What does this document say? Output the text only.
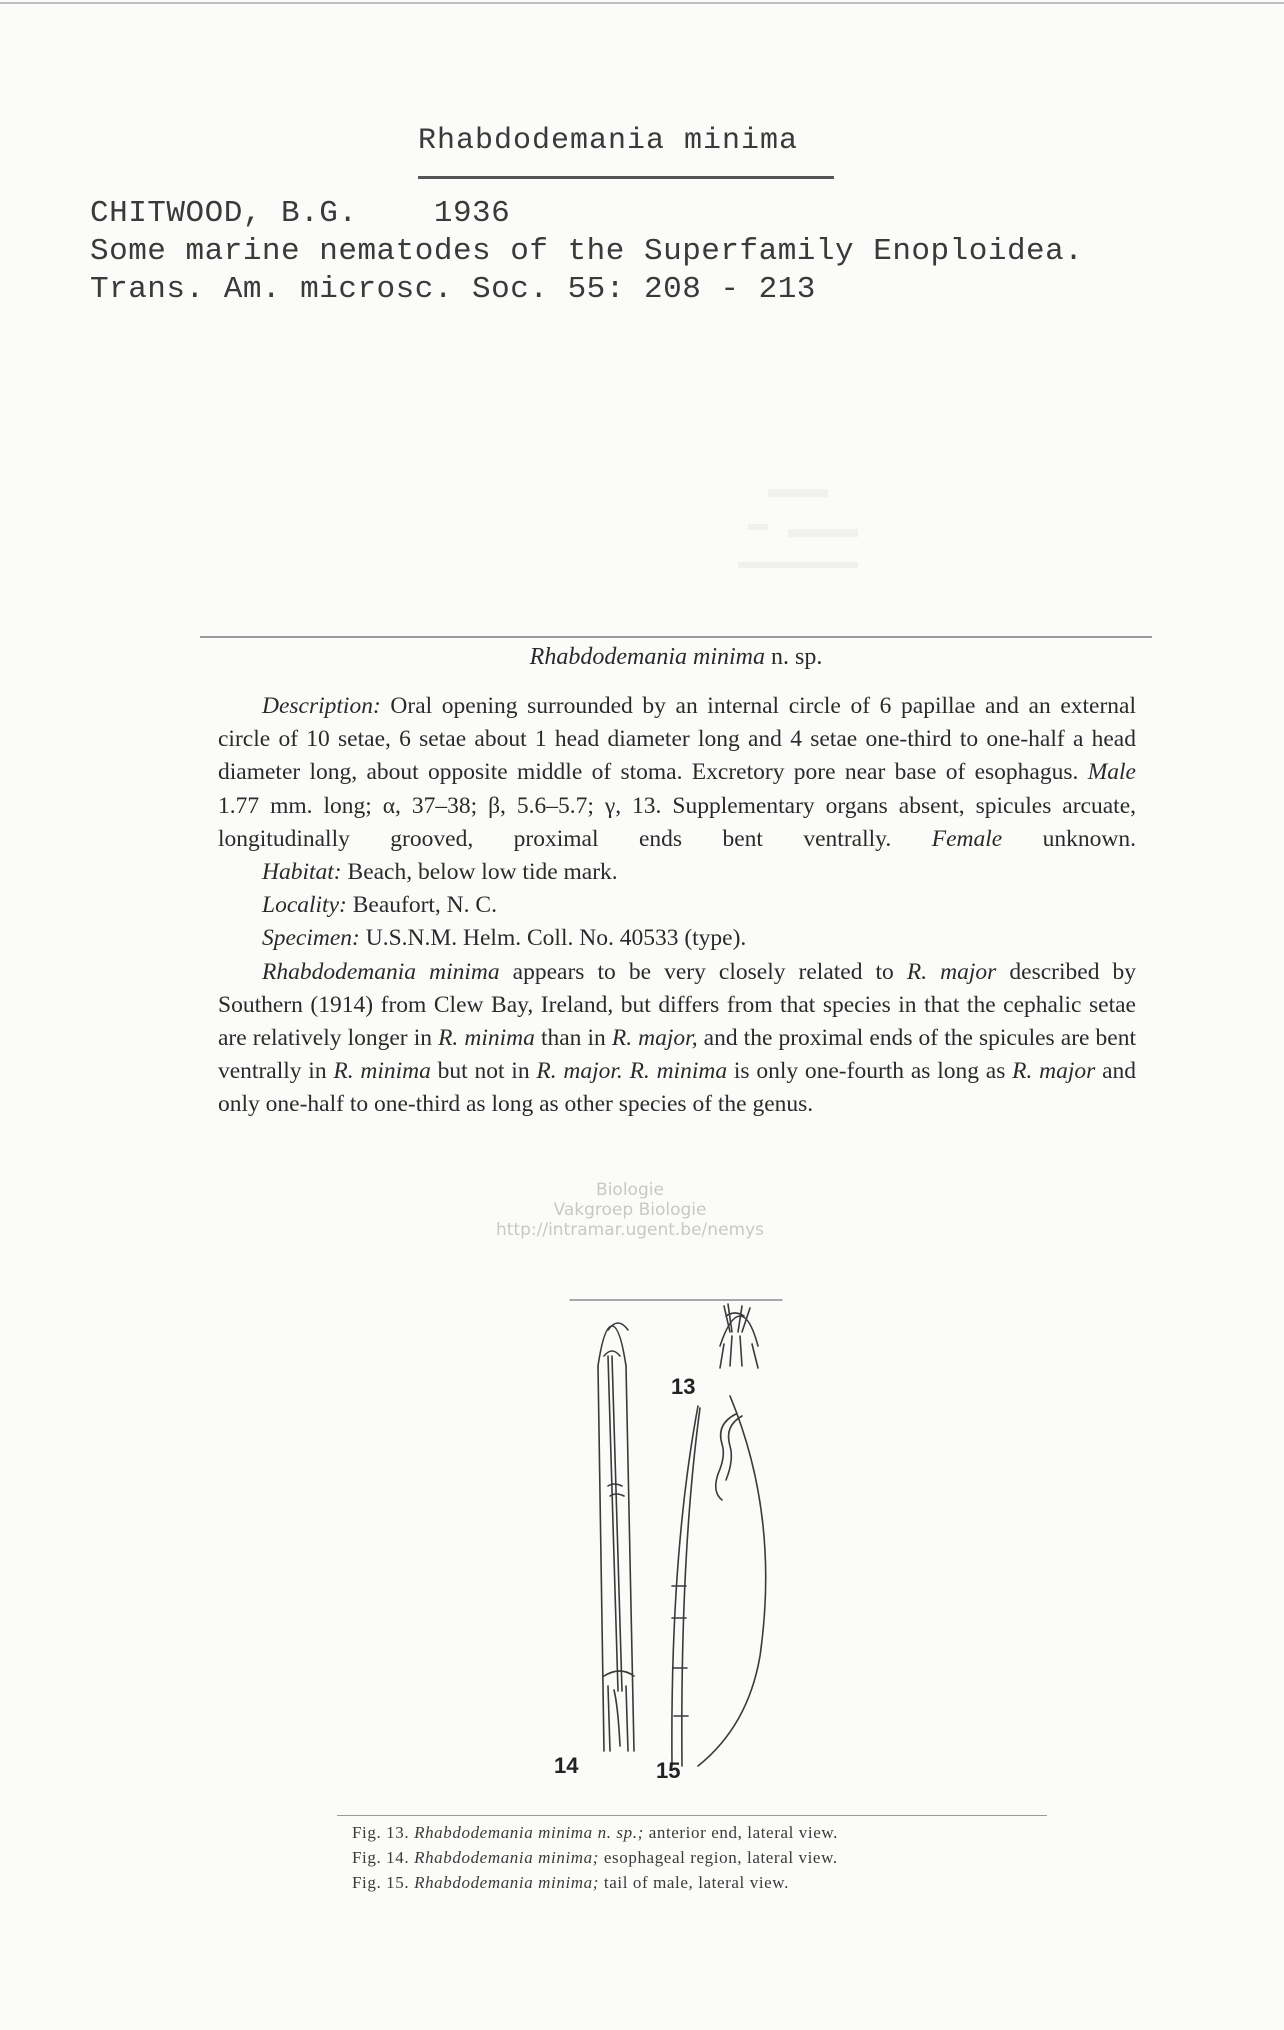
Rhabdodemania minima
CHITWOOD, B.G.    1936
Some marine nematodes of the Superfamily Enoploidea.
Trans. Am. microsc. Soc. 55: 208 - 213
Rhabdodemania minima n. sp.

Description: Oral opening surrounded by an internal circle of 6 papillae and an external circle of 10 setae, 6 setae about 1 head diameter long and 4 setae one-third to one-half a head diameter long, about opposite middle of stoma. Excretory pore near base of esophagus. Male 1.77 mm. long; α, 37–38; β, 5.6–5.7; γ, 13. Supplementary organs absent, spicules arcuate, longitudinally grooved, proximal ends bent ventrally. Female unknown.

Habitat: Beach, below low tide mark.

Locality: Beaufort, N. C.

Specimen: U.S.N.M. Helm. Coll. No. 40533 (type).

Rhabdodemania minima appears to be very closely related to R. major described by Southern (1914) from Clew Bay, Ireland, but differs from that species in that the cephalic setae are relatively longer in R. minima than in R. major, and the proximal ends of the spicules are bent ventrally in R. minima but not in R. major. R. minima is only one-fourth as long as R. major and only one-half to one-third as long as other species of the genus.

Biologie
Vakgroep Biologie
http://intramar.ugent.be/nemys
13
14	15

Fig. 13. Rhabdodemania minima n. sp.; anterior end, lateral view.

Fig. 14. Rhabdodemania minima; esophageal region, lateral view.

Fig. 15. Rhabdodemania minima; tail of male, lateral view.
